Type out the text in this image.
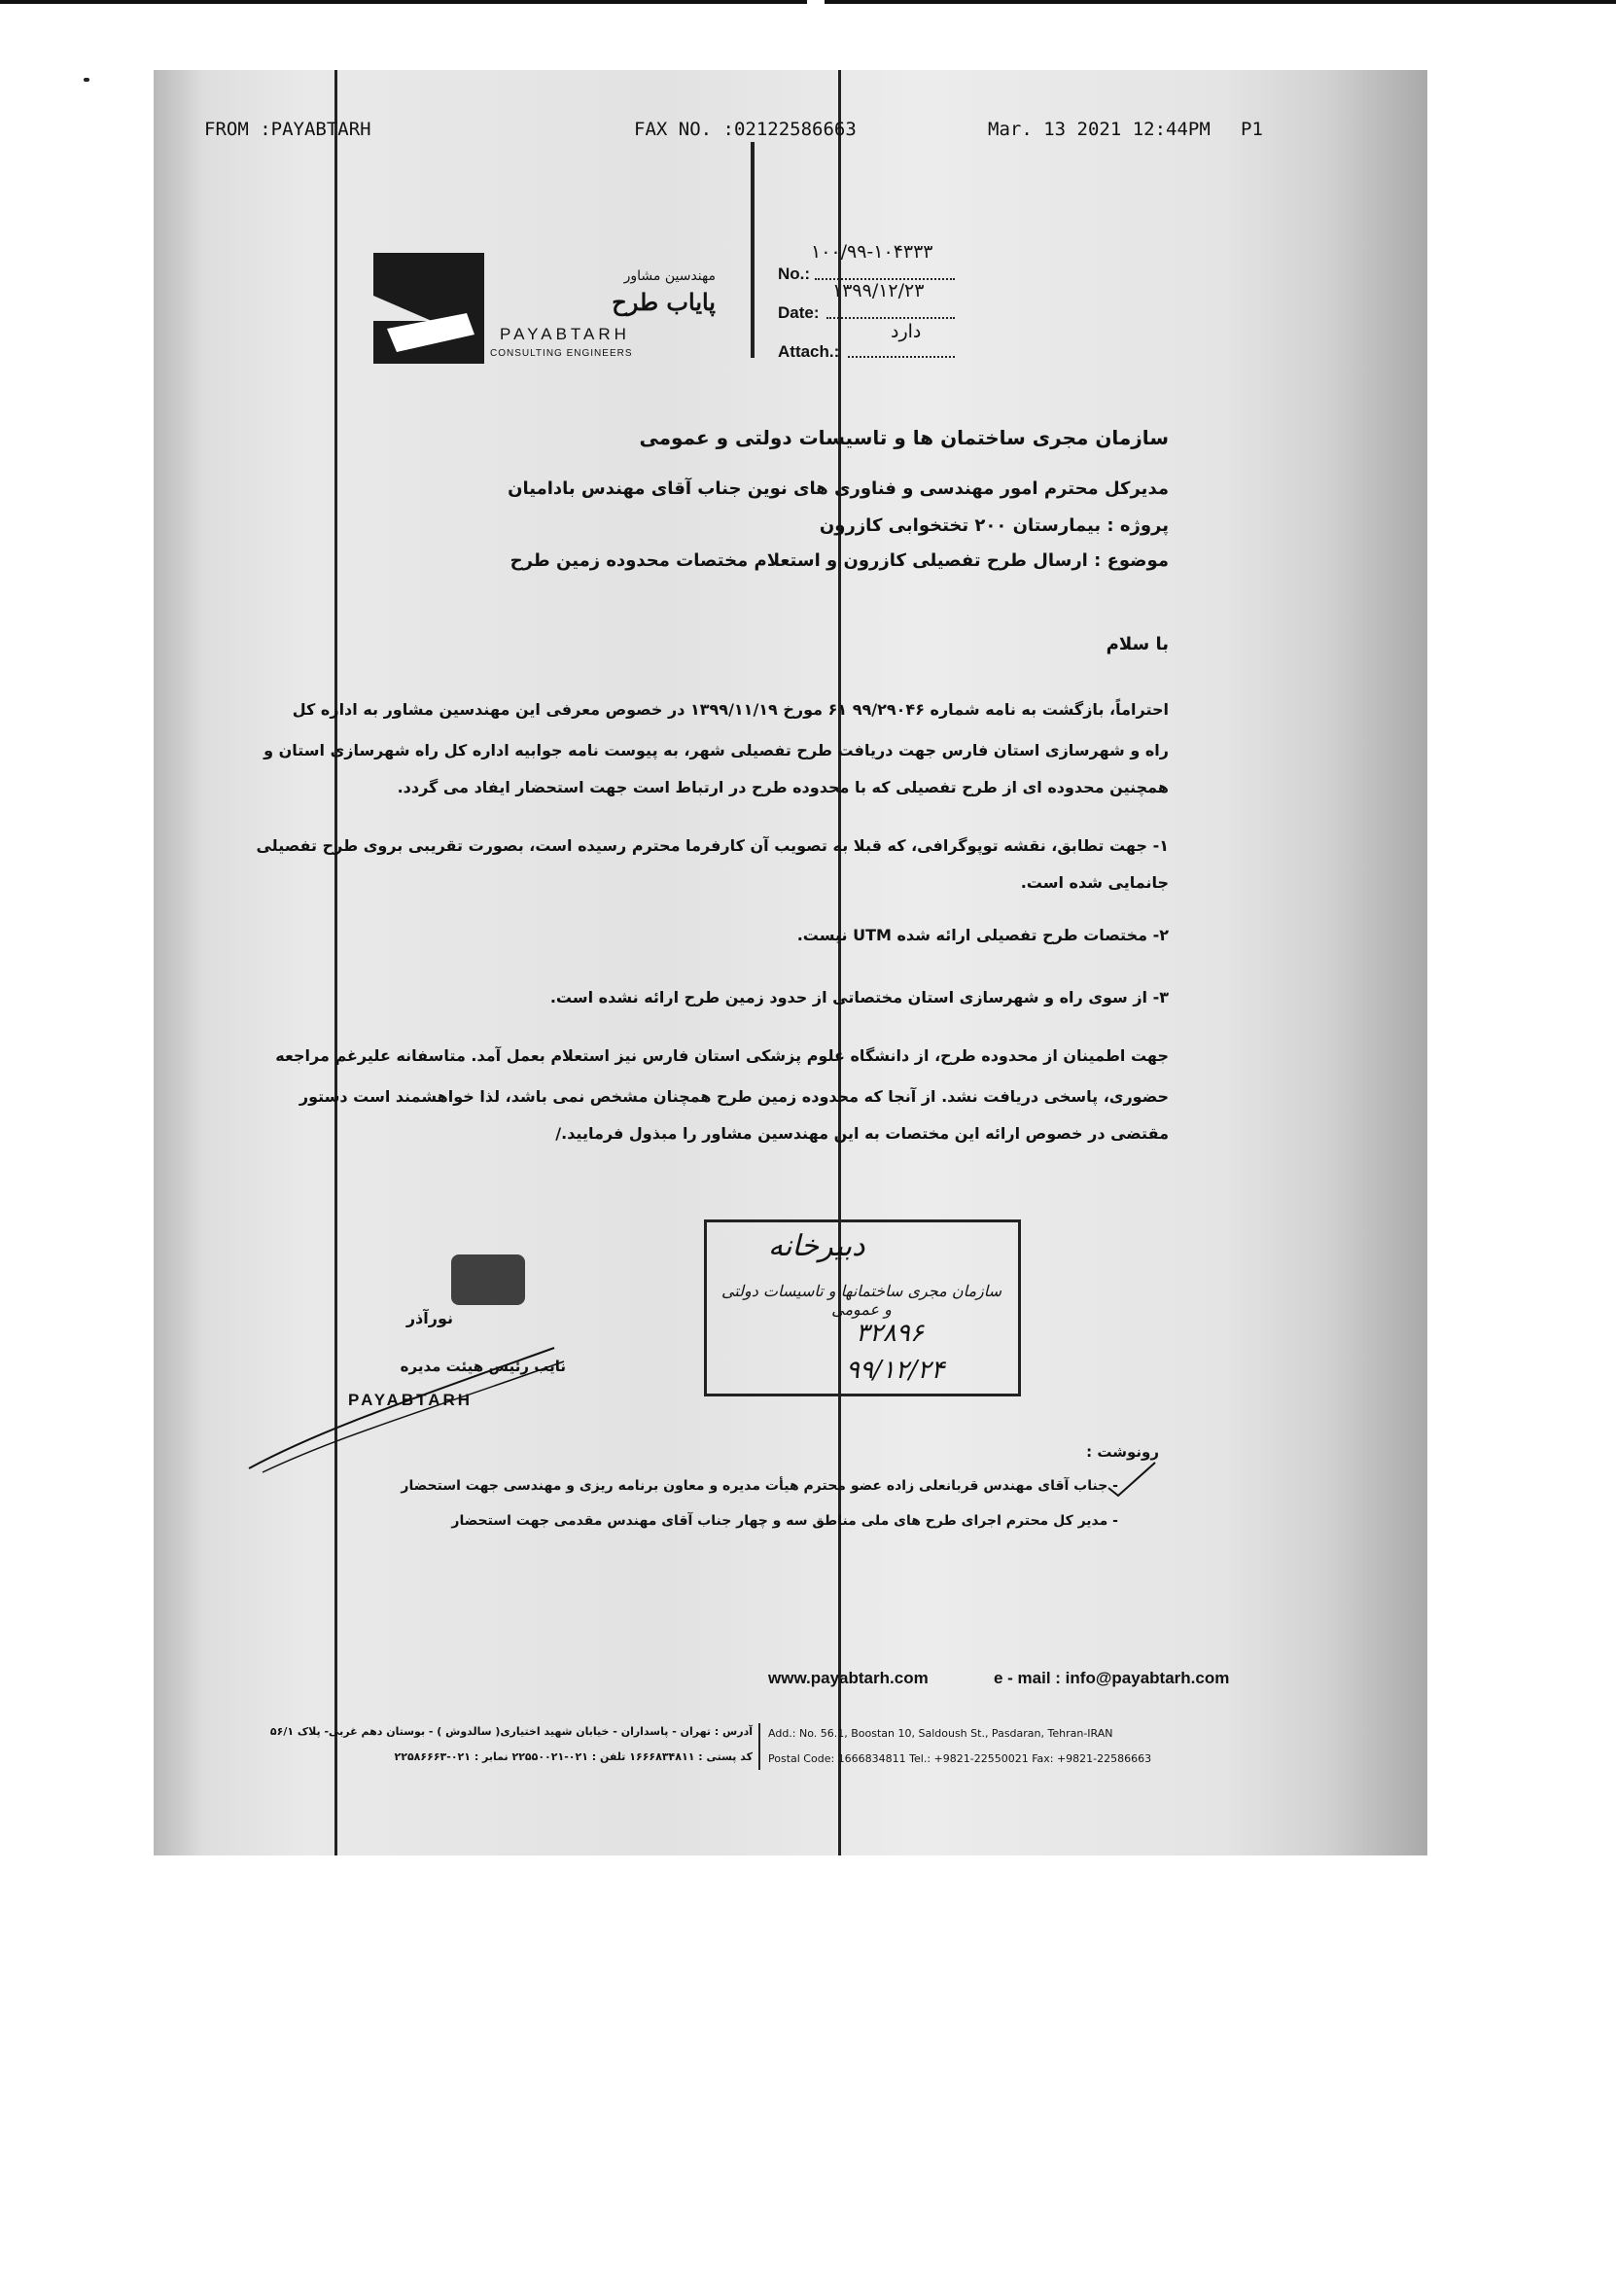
FROM :PAYABTARH	FAX NO. :02122586663	Mar. 13 2021 12:44PM P1
مهندسین مشاور
پایاب طرح
PAYABTARH
CONSULTING ENGINEERS
No.:
۱۰۰/۹۹-۱۰۴۳۳۳
Date:
۱۳۹۹/۱۲/۲۳
Attach.:
دارد
سازمان مجری ساختمان ها و تاسیسات دولتی و عمومی
مدیرکل محترم امور مهندسی و فناوری های نوین جناب آقای مهندس بادامیان
پروژه : بیمارستان ۲۰۰ تختخوابی کازرون
موضوع : ارسال طرح تفصیلی کازرون و استعلام مختصات محدوده زمین طرح
با سلام
احتراماً، بازگشت به نامه شماره ۹۹/۲۹۰۴۶ ۶۱ مورخ ۱۳۹۹/۱۱/۱۹ در خصوص معرفی این مهندسین مشاور به اداره کل
راه و شهرسازی استان فارس جهت دریافت طرح تفصیلی شهر، به پیوست نامه جوابیه اداره کل راه شهرسازی استان و
همچنین محدوده ای از طرح تفصیلی که با محدوده طرح در ارتباط است جهت استحضار ایفاد می گردد.
۱- جهت تطابق، نقشه توپوگرافی، که قبلا به تصویب آن کارفرما محترم رسیده است، بصورت تقریبی بروی طرح تفصیلی
جانمایی شده است.
۲- مختصات طرح تفصیلی ارائه شده UTM نیست.
۳- از سوی راه و شهرسازی استان مختصاتی از حدود زمین طرح ارائه نشده است.
جهت اطمینان از محدوده طرح، از دانشگاه علوم پزشکی استان فارس نیز استعلام بعمل آمد. متاسفانه علیرغم مراجعه
حضوری، پاسخی دریافت نشد. از آنجا که محدوده زمین طرح همچنان مشخص نمی باشد، لذا خواهشمند است دستور
مقتضی در خصوص ارائه این مختصات به این مهندسین مشاور را مبذول فرمایید./
دبیرخانه
سازمان مجری ساختمانها و تاسیسات دولتی و عمومی
۳۲۸۹۶
۹۹/۱۲/۲۴
نورآذر
نایب رئیس هیئت مدیره
PAYABTARH
رونوشت :
- جناب آقای مهندس قربانعلی زاده عضو محترم هیأت مدیره و معاون برنامه ریزی و مهندسی جهت استحضار
- مدیر کل محترم اجرای طرح های ملی مناطق سه و چهار جناب آقای مهندس مقدمی جهت استحضار
www.payabtarh.com	e - mail : info@payabtarh.com
آدرس : تهران - پاسداران - خیابان شهید اختیاری( سالدوش ) - بوستان دهم غربی- پلاک ۵۶/۱
کد پستی : ۱۶۶۶۸۳۴۸۱۱ تلفن : ۰۲۱-۲۲۵۵۰۰۲۱ نمابر : ۰۲۱-۲۲۵۸۶۶۶۳
Add.: No. 56.1, Boostan 10, Saldoush St., Pasdaran, Tehran-IRAN
Postal Code: 1666834811 Tel.: +9821-22550021 Fax: +9821-22586663
